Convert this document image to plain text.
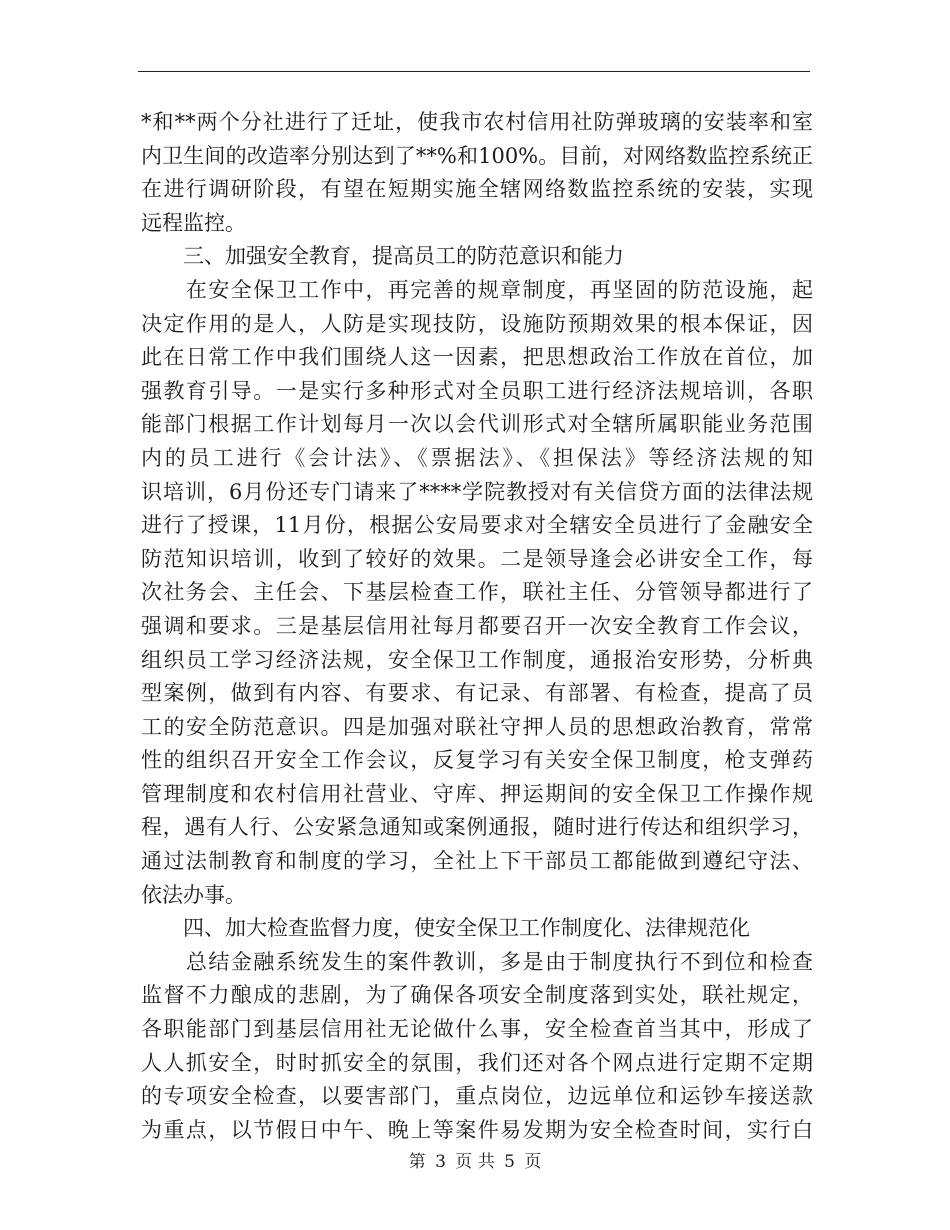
*和**两个分社进行了迁址，使我市农村信用社防弹玻璃的安装率和室
内卫生间的改造率分别达到了**%和100%。目前，对网络数监控系统正
在进行调研阶段，有望在短期实施全辖网络数监控系统的安装，实现
远程监控。
　　三、加强安全教育，提高员工的防范意识和能力
　　在安全保卫工作中，再完善的规章制度，再坚固的防范设施，起
决定作用的是人，人防是实现技防，设施防预期效果的根本保证，因
此在日常工作中我们围绕人这一因素，把思想政治工作放在首位，加
强教育引导。一是实行多种形式对全员职工进行经济法规培训，各职
能部门根据工作计划每月一次以会代训形式对全辖所属职能业务范围
内的员工进行《会计法》、《票据法》、《担保法》等经济法规的知
识培训，6月份还专门请来了****学院教授对有关信贷方面的法律法规
进行了授课，11月份，根据公安局要求对全辖安全员进行了金融安全
防范知识培训，收到了较好的效果。二是领导逢会必讲安全工作，每
次社务会、主任会、下基层检查工作，联社主任、分管领导都进行了
强调和要求。三是基层信用社每月都要召开一次安全教育工作会议，
组织员工学习经济法规，安全保卫工作制度，通报治安形势，分析典
型案例，做到有内容、有要求、有记录、有部署、有检查，提高了员
工的安全防范意识。四是加强对联社守押人员的思想政治教育，常常
性的组织召开安全工作会议，反复学习有关安全保卫制度，枪支弹药
管理制度和农村信用社营业、守库、押运期间的安全保卫工作操作规
程，遇有人行、公安紧急通知或案例通报，随时进行传达和组织学习，
通过法制教育和制度的学习，全社上下干部员工都能做到遵纪守法、
依法办事。
　　四、加大检查监督力度，使安全保卫工作制度化、法律规范化
　　总结金融系统发生的案件教训，多是由于制度执行不到位和检查
监督不力酿成的悲剧，为了确保各项安全制度落到实处，联社规定，
各职能部门到基层信用社无论做什么事，安全检查首当其中，形成了
人人抓安全，时时抓安全的氛围，我们还对各个网点进行定期不定期
的专项安全检查，以要害部门，重点岗位，边远单位和运钞车接送款
为重点，以节假日中午、晚上等案件易发期为安全检查时间，实行白
第 3 页 共 5 页
